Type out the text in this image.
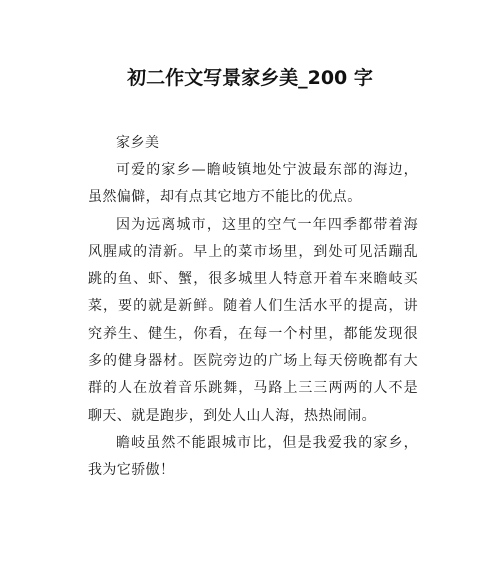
初二作文写景家乡美_200 字

家乡美

可爱的家乡—瞻岐镇地处宁波最东部的海边，虽然偏僻，却有点其它地方不能比的优点。

因为远离城市，这里的空气一年四季都带着海风腥咸的清新。早上的菜市场里，到处可见活蹦乱跳的鱼、虾、蟹，很多城里人特意开着车来瞻岐买菜，要的就是新鲜。随着人们生活水平的提高，讲究养生、健生，你看，在每一个村里，都能发现很多的健身器材。医院旁边的广场上每天傍晚都有大群的人在放着音乐跳舞，马路上三三两两的人不是聊天、就是跑步，到处人山人海，热热闹闹。

瞻岐虽然不能跟城市比，但是我爱我的家乡，我为它骄傲！
